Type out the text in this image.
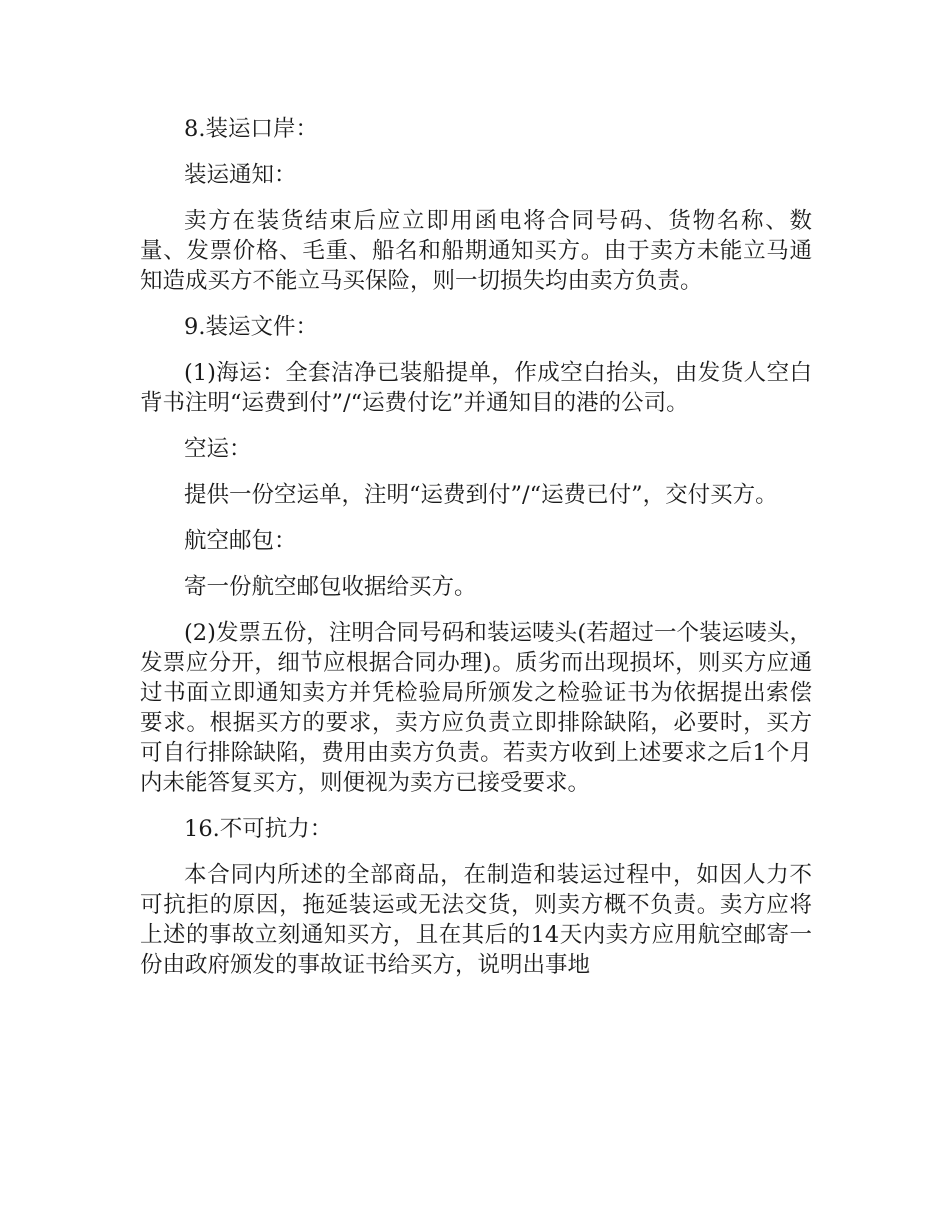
8.装运口岸：

装运通知：

卖方在装货结束后应立即用函电将合同号码、货物名称、数量、发票价格、毛重、船名和船期通知买方。由于卖方未能立马通知造成买方不能立马买保险，则一切损失均由卖方负责。

9.装运文件：

(1)海运：全套洁净已装船提单，作成空白抬头，由发货人空白背书注明“运费到付”/“运费付讫”并通知目的港的公司。

空运：

提供一份空运单，注明“运费到付”/“运费已付”，交付买方。

航空邮包：

寄一份航空邮包收据给买方。

(2)发票五份，注明合同号码和装运唛头(若超过一个装运唛头，发票应分开，细节应根据合同办理)。质劣而出现损坏，则买方应通过书面立即通知卖方并凭检验局所颁发之检验证书为依据提出索偿要求。根据买方的要求，卖方应负责立即排除缺陷，必要时，买方可自行排除缺陷，费用由卖方负责。若卖方收到上述要求之后1个月内未能答复买方，则便视为卖方已接受要求。

16.不可抗力：

本合同内所述的全部商品，在制造和装运过程中，如因人力不可抗拒的原因，拖延装运或无法交货，则卖方概不负责。卖方应将上述的事故立刻通知买方，且在其后的14天内卖方应用航空邮寄一份由政府颁发的事故证书给买方，说明出事地
